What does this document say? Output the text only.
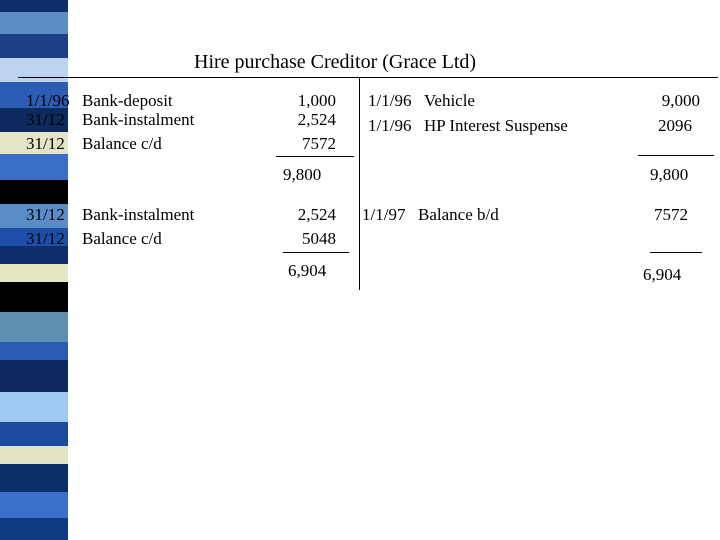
Hire purchase Creditor (Grace Ltd)
1/1/96 Bank-deposit	1,000
31/12 Bank-instalment	2,524
31/12 Balance c/d	7572
9,800
1/1/96 Vehicle	9,000
1/1/96 HP Interest Suspense	2096
9,800
31/12 Bank-instalment	2,524
31/12 Balance c/d	5048
6,904
1/1/97 Balance b/d	7572
6,904
